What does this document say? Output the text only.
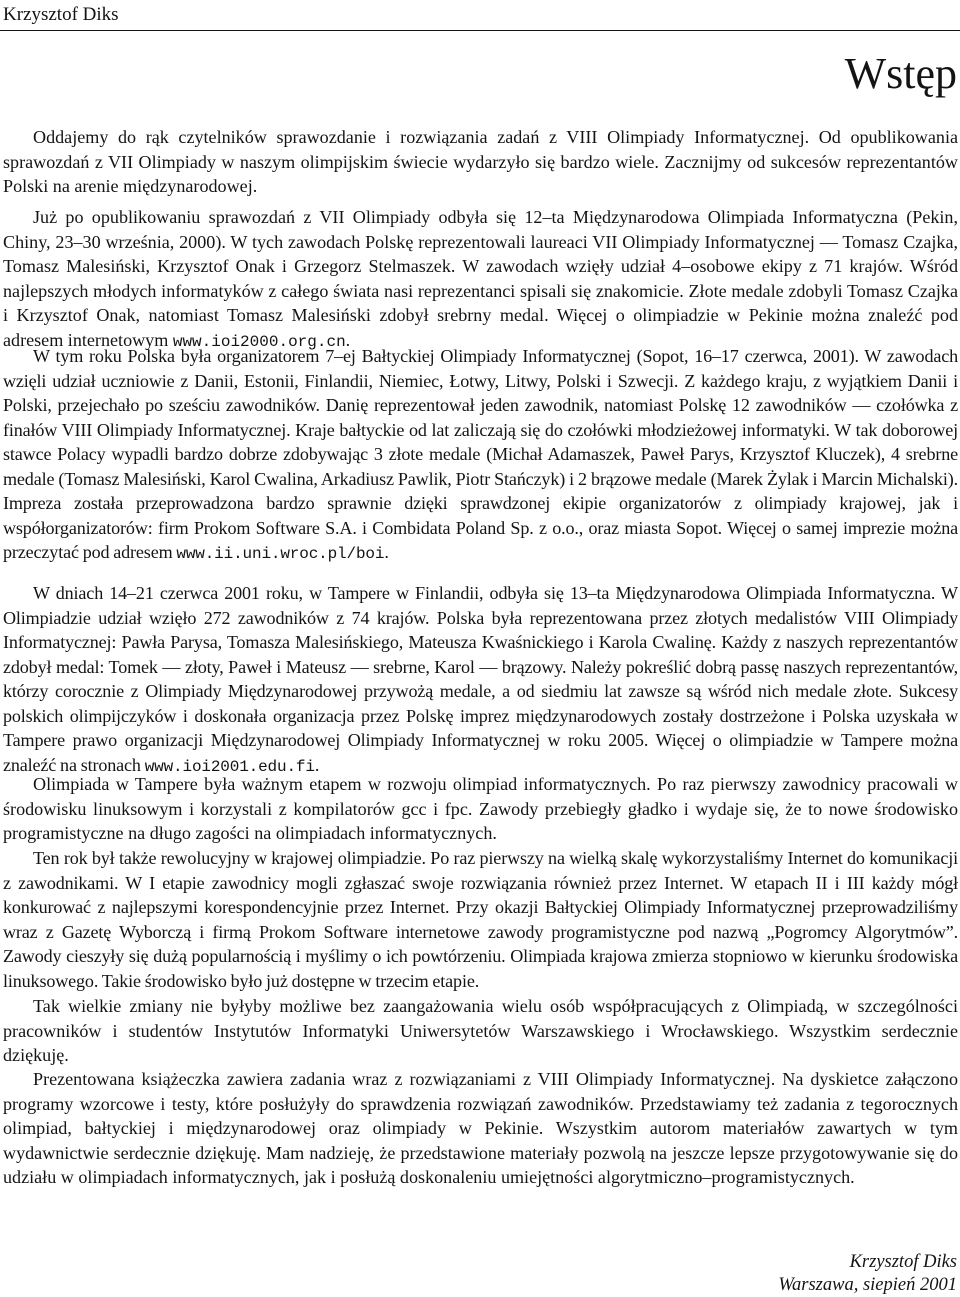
Krzysztof Diks
Wstęp

Oddajemy do rąk czytelników sprawozdanie i rozwiązania zadań z VIII Olimpiady Informatycznej. Od opublikowania sprawozdań z VII Olimpiady w naszym olimpijskim świecie wydarzyło się bardzo wiele. Zacznijmy od sukcesów reprezentantów Polski na arenie międzynarodowej.

Już po opublikowaniu sprawozdań z VII Olimpiady odbyła się 12–ta Międzynarodowa Olimpiada Informatyczna (Pekin, Chiny, 23–30 września, 2000). W tych zawodach Polskę reprezentowali laureaci VII Olimpiady Informatycznej — Tomasz Czajka, Tomasz Malesiński, Krzysztof Onak i Grzegorz Stelmaszek. W zawodach wzięły udział 4–osobowe ekipy z 71 krajów. Wśród najlepszych młodych informatyków z całego świata nasi reprezentanci spisali się znakomicie. Złote medale zdobyli Tomasz Czajka i Krzysztof Onak, natomiast Tomasz Malesiński zdobył srebrny medal. Więcej o olimpiadzie w Pekinie można znaleźć pod adresem internetowym www.ioi2000.org.cn.

W tym roku Polska była organizatorem 7–ej Bałtyckiej Olimpiady Informatycznej (Sopot, 16–17 czerwca, 2001). W zawodach wzięli udział uczniowie z Danii, Estonii, Finlandii, Niemiec, Łotwy, Litwy, Polski i Szwecji. Z każdego kraju, z wyjątkiem Danii i Polski, przejechało po sześciu zawodników. Danię reprezentował jeden zawodnik, natomiast Polskę 12 zawodników — czołówka z finałów VIII Olimpiady Informatycznej. Kraje bałtyckie od lat zaliczają się do czołówki młodzieżowej informatyki. W tak doborowej stawce Polacy wypadli bardzo dobrze zdobywając 3 złote medale (Michał Adamaszek, Paweł Parys, Krzysztof Kluczek), 4 srebrne medale (Tomasz Malesiński, Karol Cwalina, Arkadiusz Pawlik, Piotr Stańczyk) i 2 brązowe medale (Marek Żylak i Marcin Michalski). Impreza została przeprowadzona bardzo sprawnie dzięki sprawdzonej ekipie organizatorów z olimpiady krajowej, jak i współorganizatorów: firm Prokom Software S.A. i Combidata Poland Sp. z o.o., oraz miasta Sopot. Więcej o samej imprezie można przeczytać pod adresem www.ii.uni.wroc.pl/boi.

W dniach 14–21 czerwca 2001 roku, w Tampere w Finlandii, odbyła się 13–ta Międzynarodowa Olimpiada Informatyczna. W Olimpiadzie udział wzięło 272 zawodników z 74 krajów. Polska była reprezentowana przez złotych medalistów VIII Olimpiady Informatycznej: Pawła Parysa, Tomasza Malesińskiego, Mateusza Kwaśnickiego i Karola Cwalinę. Każdy z naszych reprezentantów zdobył medal: Tomek — złoty, Paweł i Mateusz — srebrne, Karol — brązowy. Należy pokreślić dobrą passę naszych reprezentantów, którzy corocznie z Olimpiady Międzynarodowej przywożą medale, a od siedmiu lat zawsze są wśród nich medale złote. Sukcesy polskich olimpijczyków i doskonała organizacja przez Polskę imprez międzynarodowych zostały dostrzeżone i Polska uzyskała w Tampere prawo organizacji Międzynarodowej Olimpiady Informatycznej w roku 2005. Więcej o olimpiadzie w Tampere można znaleźć na stronach www.ioi2001.edu.fi.

Olimpiada w Tampere była ważnym etapem w rozwoju olimpiad informatycznych. Po raz pierwszy zawodnicy pracowali w środowisku linuksowym i korzystali z kompilatorów gcc i fpc. Zawody przebiegły gładko i wydaje się, że to nowe środowisko programistyczne na długo zagości na olimpiadach informatycznych.

Ten rok był także rewolucyjny w krajowej olimpiadzie. Po raz pierwszy na wielką skalę wykorzystaliśmy Internet do komunikacji z zawodnikami. W I etapie zawodnicy mogli zgłaszać swoje rozwiązania również przez Internet. W etapach II i III każdy mógł konkurować z najlepszymi korespondencyjnie przez Internet. Przy okazji Bałtyckiej Olimpiady Informatycznej przeprowadziliśmy wraz z Gazetę Wyborczą i firmą Prokom Software internetowe zawody programistyczne pod nazwą „Pogromcy Algorytmów”. Zawody cieszyły się dużą popularnością i myślimy o ich powtórzeniu. Olimpiada krajowa zmierza stopniowo w kierunku środowiska linuksowego. Takie środowisko było już dostępne w trzecim etapie.

Tak wielkie zmiany nie byłyby możliwe bez zaangażowania wielu osób współpracujących z Olimpiadą, w szczególności pracowników i studentów Instytutów Informatyki Uniwersytetów Warszawskiego i Wrocławskiego. Wszystkim serdecznie dziękuję.

Prezentowana książeczka zawiera zadania wraz z rozwiązaniami z VIII Olimpiady Informatycznej. Na dyskietce załączono programy wzorcowe i testy, które posłużyły do sprawdzenia rozwiązań zawodników. Przedstawiamy też zadania z tegorocznych olimpiad, bałtyckiej i międzynarodowej oraz olimpiady w Pekinie. Wszystkim autorom materiałów zawartych w tym wydawnictwie serdecznie dziękuję. Mam nadzieję, że przedstawione materiały pozwolą na jeszcze lepsze przygotowywanie się do udziału w olimpiadach informatycznych, jak i posłużą doskonaleniu umiejętności algorytmiczno–programistycznych.

Krzysztof Diks
Warszawa, siepień 2001
